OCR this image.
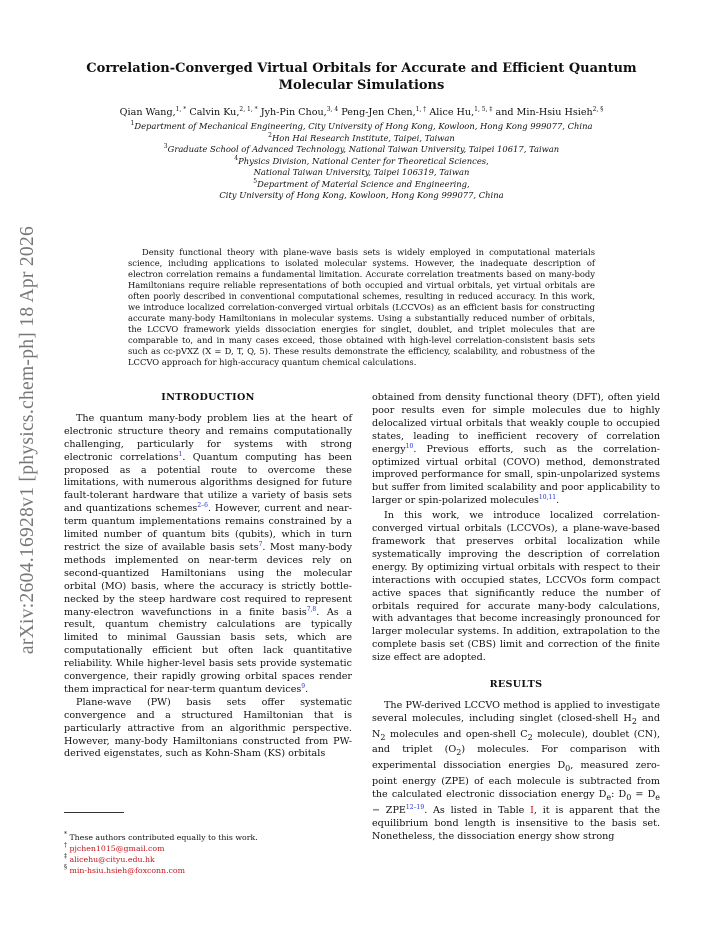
arXiv:2604.16928v1 [physics.chem-ph] 18 Apr 2026
Correlation-Converged Virtual Orbitals for Accurate and Efficient Quantum Molecular Simulations
Qian Wang,$^{1, *}$ Calvin Ku,$^{2, 1, *}$ Jyh-Pin Chou,$^{3, 4}$ Peng-Jen Chen,$^{1, \dagger}$ Alice Hu,$^{1, 5, \ddagger}$ and Min-Hsiu Hsieh$^{2, \S}$
$^1$Department of Mechanical Engineering, City University of Hong Kong, Kowloon, Hong Kong 999077, China
$^2$Hon Hai Research Institute, Taipei, Taiwan
$^3$Graduate School of Advanced Technology, National Taiwan University, Taipei 10617, Taiwan
$^4$Physics Division, National Center for Theoretical Sciences,
National Taiwan University, Taipei 106319, Taiwan
$^5$Department of Material Science and Engineering,
City University of Hong Kong, Kowloon, Hong Kong 999077, China

Density functional theory with plane-wave basis sets is widely employed in computational materials science, including applications to isolated molecular systems. However, the inadequate description of electron correlation remains a fundamental limitation. Accurate correlation treatments based on many-body Hamiltonians require reliable representations of both occupied and virtual orbitals, yet virtual orbitals are often poorly described in conventional computational schemes, resulting in reduced accuracy. In this work, we introduce localized correlation-converged virtual orbitals (LCCVOs) as an efficient basis for constructing accurate many-body Hamiltonians in molecular systems. Using a substantially reduced number of orbitals, the LCCVO framework yields dissociation energies for singlet, doublet, and triplet molecules that are comparable to, and in many cases exceed, those obtained with high-level correlation-consistent basis sets such as cc-pVXZ (X = D, T, Q, 5). These results demonstrate the efficiency, scalability, and robustness of the LCCVO approach for high-accuracy quantum chemical calculations.

INTRODUCTION

The quantum many-body problem lies at the heart of electronic structure theory and remains computationally challenging, particularly for systems with strong electronic correlations$^1$. Quantum computing has been proposed as a potential route to overcome these limitations, with numerous algorithms designed for future fault-tolerant hardware that utilize a variety of basis sets and quantizations schemes$^{2-6}$. However, current and near-term quantum implementations remains constrained by a limited number of quantum bits (qubits), which in turn restrict the size of available basis sets$^7$. Most many-body methods implemented on near-term devices rely on second-quantized Hamiltonians using the molecular orbital (MO) basis, where the accuracy is strictly bottle-necked by the steep hardware cost required to represent many-electron wavefunctions in a finite basis$^{7,8}$. As a result, quantum chemistry calculations are typically limited to minimal Gaussian basis sets, which are computationally efficient but often lack quantitative reliability. While higher-level basis sets provide systematic convergence, their rapidly growing orbital spaces render them impractical for near-term quantum devices$^9$.

Plane-wave (PW) basis sets offer systematic convergence and a structured Hamiltonian that is particularly attractive from an algorithmic perspective. However, many-body Hamiltonians constructed from PW-derived eigenstates, such as Kohn-Sham (KS) orbitals

obtained from density functional theory (DFT), often yield poor results even for simple molecules due to highly delocalized virtual orbitals that weakly couple to occupied states, leading to inefficient recovery of correlation energy$^{10}$. Previous efforts, such as the correlation-optimized virtual orbital (COVO) method, demonstrated improved performance for small, spin-unpolarized systems but suffer from limited scalability and poor applicability to larger or spin-polarized molecules$^{10,11}$.

In this work, we introduce localized correlation-converged virtual orbitals (LCCVOs), a plane-wave-based framework that preserves orbital localization while systematically improving the description of correlation energy. By optimizing virtual orbitals with respect to their interactions with occupied states, LCCVOs form compact active spaces that significantly reduce the number of orbitals required for accurate many-body calculations, with advantages that become increasingly pronounced for larger molecular systems. In addition, extrapolation to the complete basis set (CBS) limit and correction of the finite size effect are adopted.

RESULTS

The PW-derived LCCVO method is applied to investigate several molecules, including singlet (closed-shell $H_2$ and $N_2$ molecules and open-shell $C_2$ molecule), doublet (CN), and triplet $(O_2)$ molecules. For comparison with experimental dissociation energies $D_0$, measured zero-point energy (ZPE) of each molecule is subtracted from the calculated electronic dissociation energy $D_e$: $D_0 = D_e - ZPE^{12-19}$. As listed in Table I, it is apparent that the equilibrium bond length is insensitive to the basis set. Nonetheless, the dissociation energy show strong

* These authors contributed equally to this work.
† pjchen1015@gmail.com
‡ alicehu@cityu.edu.hk
§ min-hsiu.hsieh@foxconn.com
